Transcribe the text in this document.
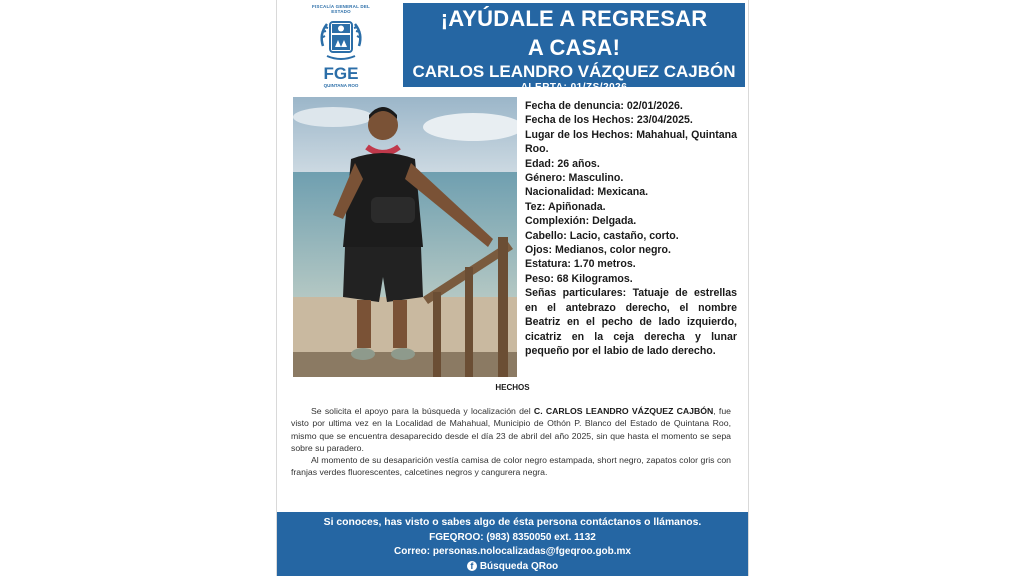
FISCALÍA GENERAL DEL ESTADO
FGE
QUINTANA ROO
¡AYÚDALE A REGRESAR
A CASA!
CARLOS LEANDRO VÁZQUEZ CAJBÓN
ALERTA: 01/ZS/2026
Fecha de denuncia: 02/01/2026.
Fecha de los Hechos: 23/04/2025.
Lugar de los Hechos: Mahahual, Quintana Roo.
Edad: 26 años.
Género: Masculino.
Nacionalidad: Mexicana.
Tez: Apiñonada.
Complexión: Delgada.
Cabello: Lacio, castaño, corto.
Ojos: Medianos, color negro.
Estatura: 1.70 metros.
Peso: 68 Kilogramos.
Señas particulares: Tatuaje de estrellas en el antebrazo derecho, el nombre Beatriz en el pecho de lado izquierdo, cicatriz en la ceja derecha y lunar pequeño por el labio de lado derecho.
HECHOS

Se solicita el apoyo para la búsqueda y localización del C. CARLOS LEANDRO VÁZQUEZ CAJBÓN, fue visto por ultima vez en la Localidad de Mahahual, Municipio de Othón P. Blanco del Estado de Quintana Roo, mismo que se encuentra desaparecido desde el día 23 de abril del año 2025, sin que hasta el momento se sepa sobre su paradero.

Al momento de su desaparición vestía camisa de color negro estampada, short negro, zapatos color gris con franjas verdes fluorescentes, calcetines negros y cangurera negra.

Si conoces, has visto o sabes algo de ésta persona contáctanos o llámanos.
FGEQROO: (983) 8350050 ext. 1132
Correo: personas.nolocalizadas@fgeqroo.gob.mx
f Búsqueda QRoo
